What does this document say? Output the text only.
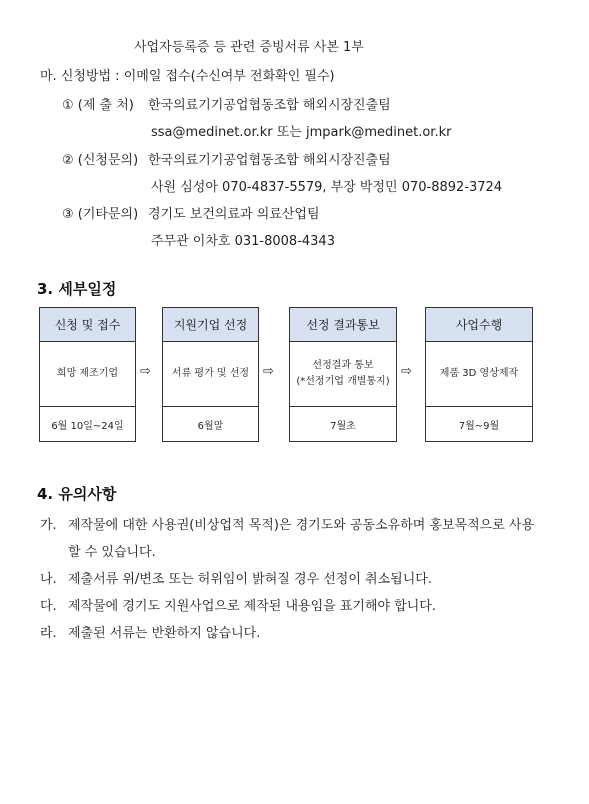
사업자등록증 등 관련 증빙서류 사본 1부
마. 신청방법 : 이메일 접수(수신여부 전화확인 필수)
① (제 출 처) 한국의료기기공업협동조합 해외시장진출팀
ssa@medinet.or.kr 또는 jmpark@medinet.or.kr
② (신청문의) 한국의료기기공업협동조합 해외시장진출팀
사원 심성아 070-4837-5579, 부장 박정민 070-8892-3724
③ (기타문의) 경기도 보건의료과 의료산업팀
주무관 이차호 031-8008-4343
3. 세부일정
신청 및 접수
희망 제조기업
6월 10일~24일
⇨
지원기업 선정
서류 평가 및 선정
6월말
⇨
선정 결과통보
선정결과 통보
(*선정기업 개별통지)
7월초
⇨
사업수행
제품 3D 영상제작
7월~9월
4. 유의사항
가. 제작물에 대한 사용권(비상업적 목적)은 경기도와 공동소유하며 홍보목적으로 사용
할 수 있습니다.
나. 제출서류 위/변조 또는 허위임이 밝혀질 경우 선정이 취소됩니다.
다. 제작물에 경기도 지원사업으로 제작된 내용임을 표기해야 합니다.
라. 제출된 서류는 반환하지 않습니다.
